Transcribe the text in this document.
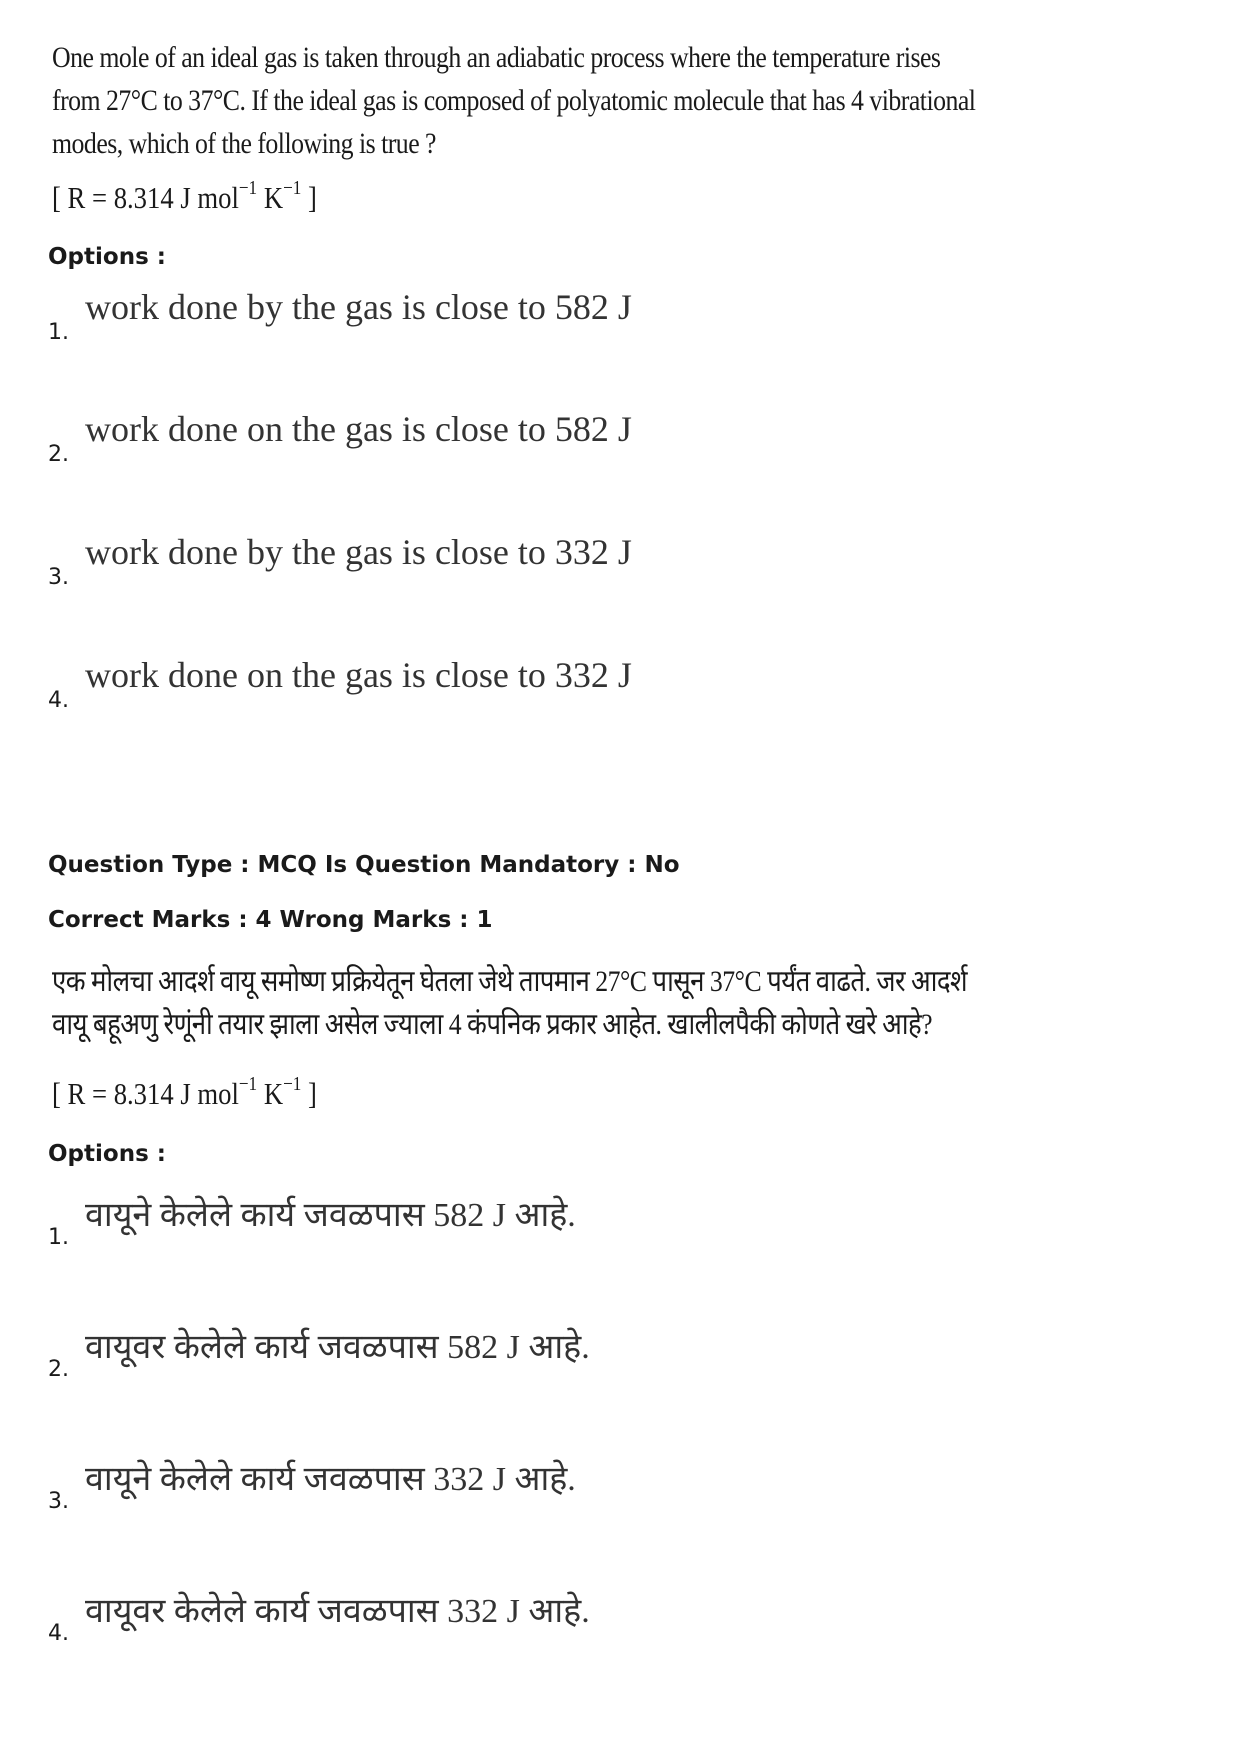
One mole of an ideal gas is taken through an adiabatic process where the temperature rises
from 27°C to 37°C. If the ideal gas is composed of polyatomic molecule that has 4 vibrational
modes, which of the following is true ?
[ R = 8.314 J mol$^{-1}$ $K^{-1}$ ]
Options :
1.
work done by the gas is close to 582 J
2.
work done on the gas is close to 582 J
3.
work done by the gas is close to 332 J
4.
work done on the gas is close to 332 J
Question Type : MCQ Is Question Mandatory : No
Correct Marks : 4 Wrong Marks : 1
एक मोलचा आदर्श वायू समोष्ण प्रक्रियेतून घेतला जेथे तापमान 27°C पासून 37°C पर्यंत वाढते. जर आदर्श
वायू बहूअणु रेणूंनी तयार झाला असेल ज्याला 4 कंपनिक प्रकार आहेत. खालीलपैकी कोणते खरे आहे?
[ R = 8.314 J mol$^{-1}$ $K^{-1}$ ]
Options :
1.
वायूने केलेले कार्य जवळपास 582 J आहे.
2.
वायूवर केलेले कार्य जवळपास 582 J आहे.
3.
वायूने केलेले कार्य जवळपास 332 J आहे.
4.
वायूवर केलेले कार्य जवळपास 332 J आहे.
